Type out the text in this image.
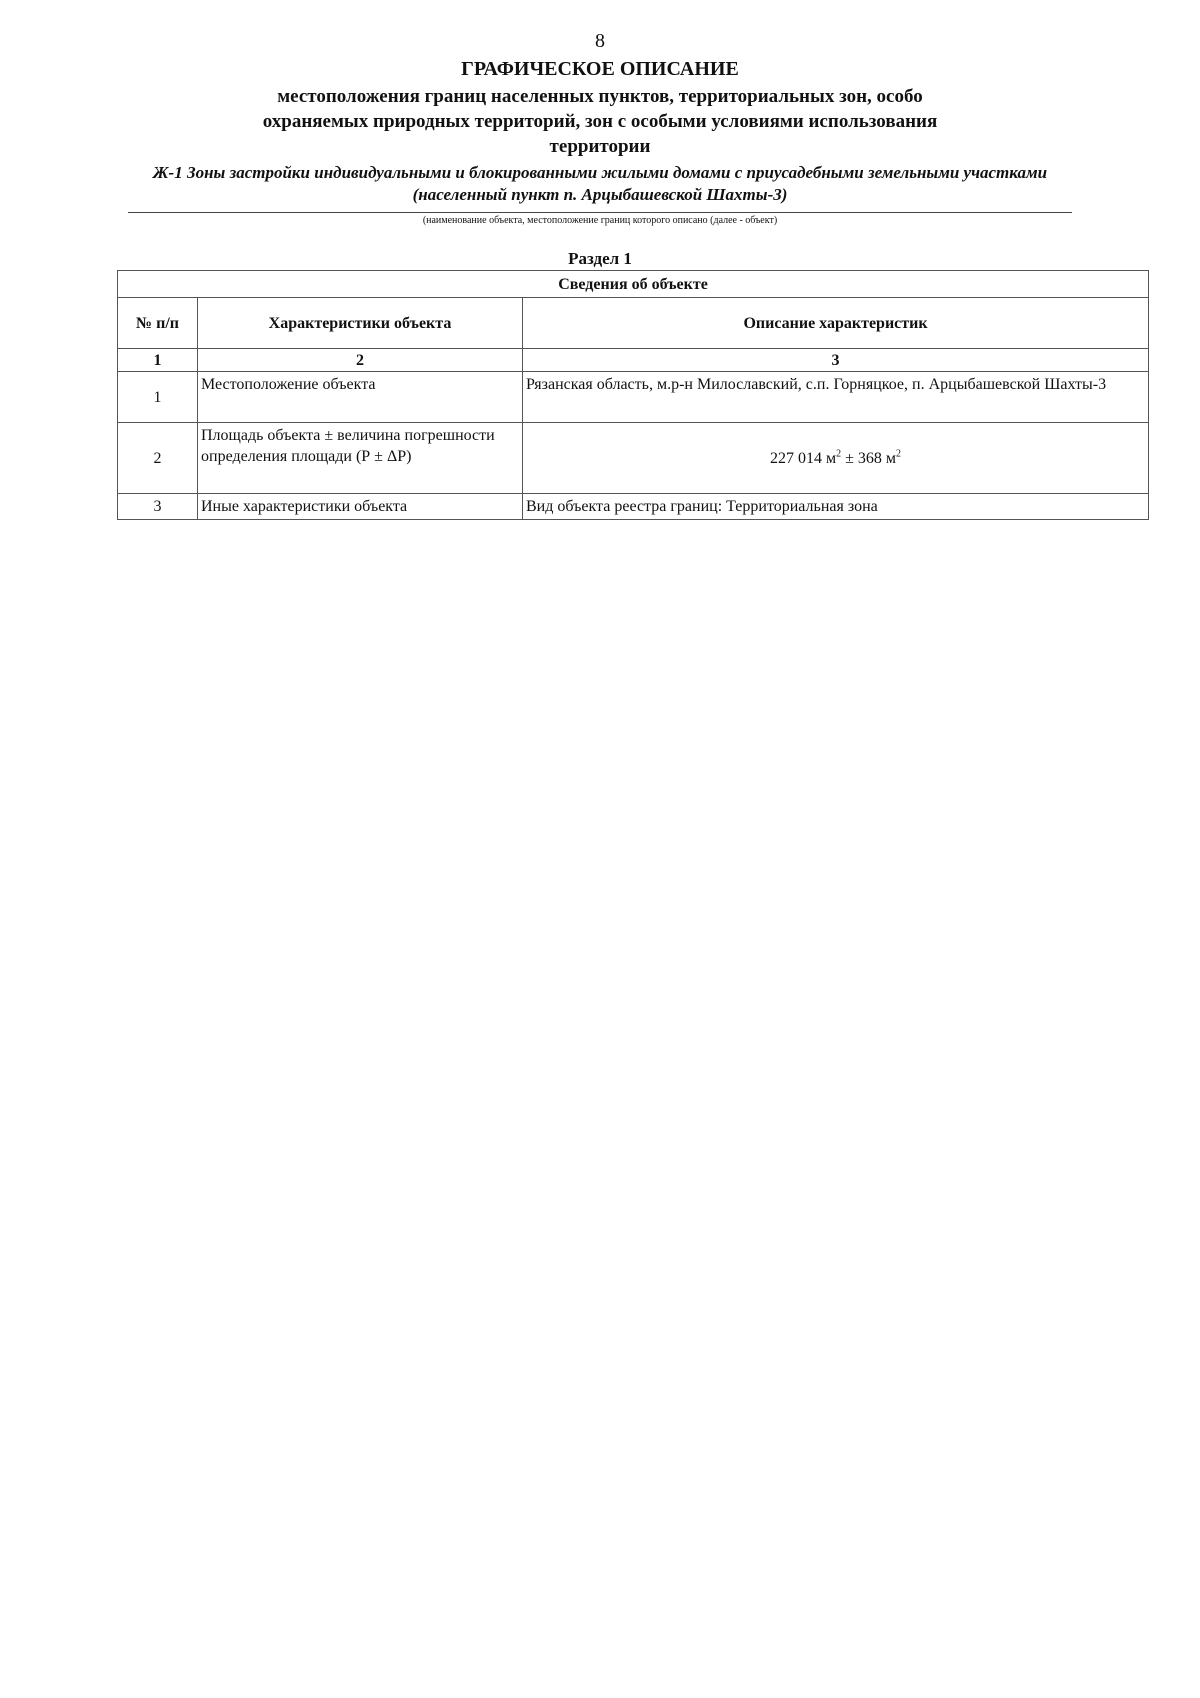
8
ГРАФИЧЕСКОЕ ОПИСАНИЕ
местоположения границ населенных пунктов, территориальных зон, особо охраняемых природных территорий, зон с особыми условиями использования территории
Ж-1 Зоны застройки индивидуальными и блокированными жилыми домами с приусадебными земельными участками (населенный пункт п. Арцыбашевской Шахты-3)
(наименование объекта, местоположение границ которого описано (далее - объект)
Раздел 1
Сведения об объекте		
№ п/п	Характеристики объекта	Описание характеристик
1	2	3
1	Местоположение объекта	Рязанская область, м.р-н Милославский, с.п. Горняцкое, п. Арцыбашевской Шахты-3
2	Площадь объекта ± величина погрешности определения площади (Р ± ΔР)	227 014 $м^2 \pm 368$ $м^2$
3	Иные характеристики объекта	Вид объекта реестра границ: Территориальная зона
